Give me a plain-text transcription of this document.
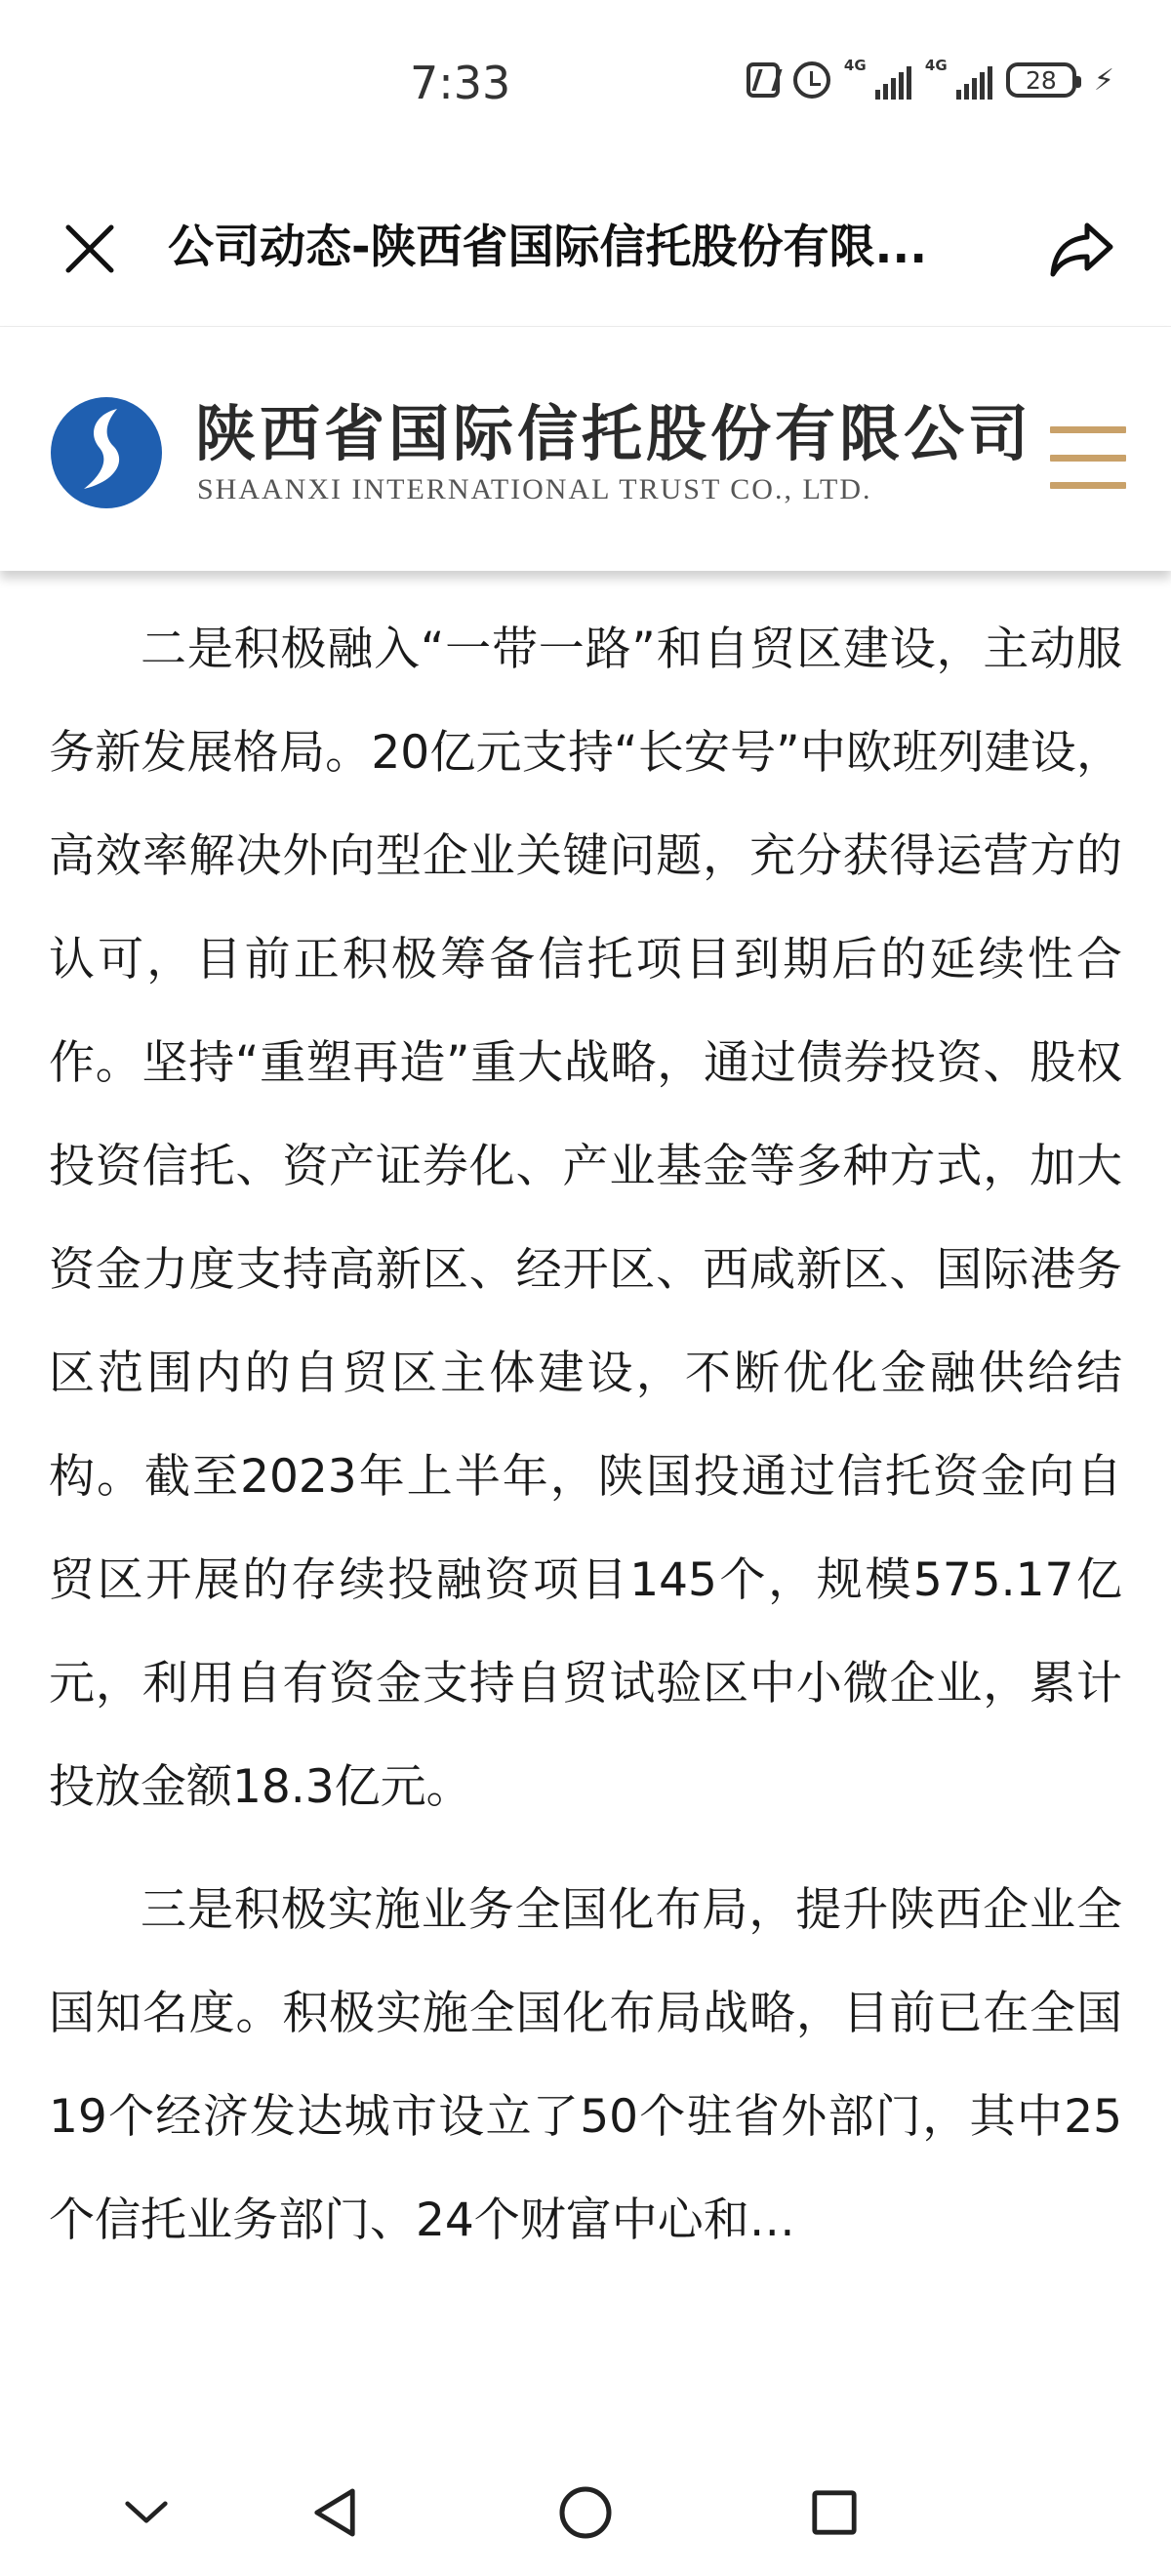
7:33	4G	4G
28 ⚡
公司动态-陕西省国际信托股份有限...
陕西省国际信托股份有限公司
SHAANXI INTERNATIONAL TRUST CO., LTD.

二是积极融入“一带一路”和自贸区建设，主动服务新发展格局。20亿元支持“长安号”中欧班列建设，高效率解决外向型企业关键问题，充分获得运营方的认可，目前正积极筹备信托项目到期后的延续性合作。坚持“重塑再造”重大战略，通过债券投资、股权投资信托、资产证券化、产业基金等多种方式，加大资金力度支持高新区、经开区、西咸新区、国际港务区范围内的自贸区主体建设，不断优化金融供给结构。截至2023年上半年，陕国投通过信托资金向自贸区开展的存续投融资项目145个，规模575.17亿元，利用自有资金支持自贸试验区中小微企业，累计投放金额18.3亿元。

三是积极实施业务全国化布局，提升陕西企业全国知名度。积极实施全国化布局战略，目前已在全国19个经济发达城市设立了50个驻省外部门，其中25个信托业务部门、24个财富中心和…
